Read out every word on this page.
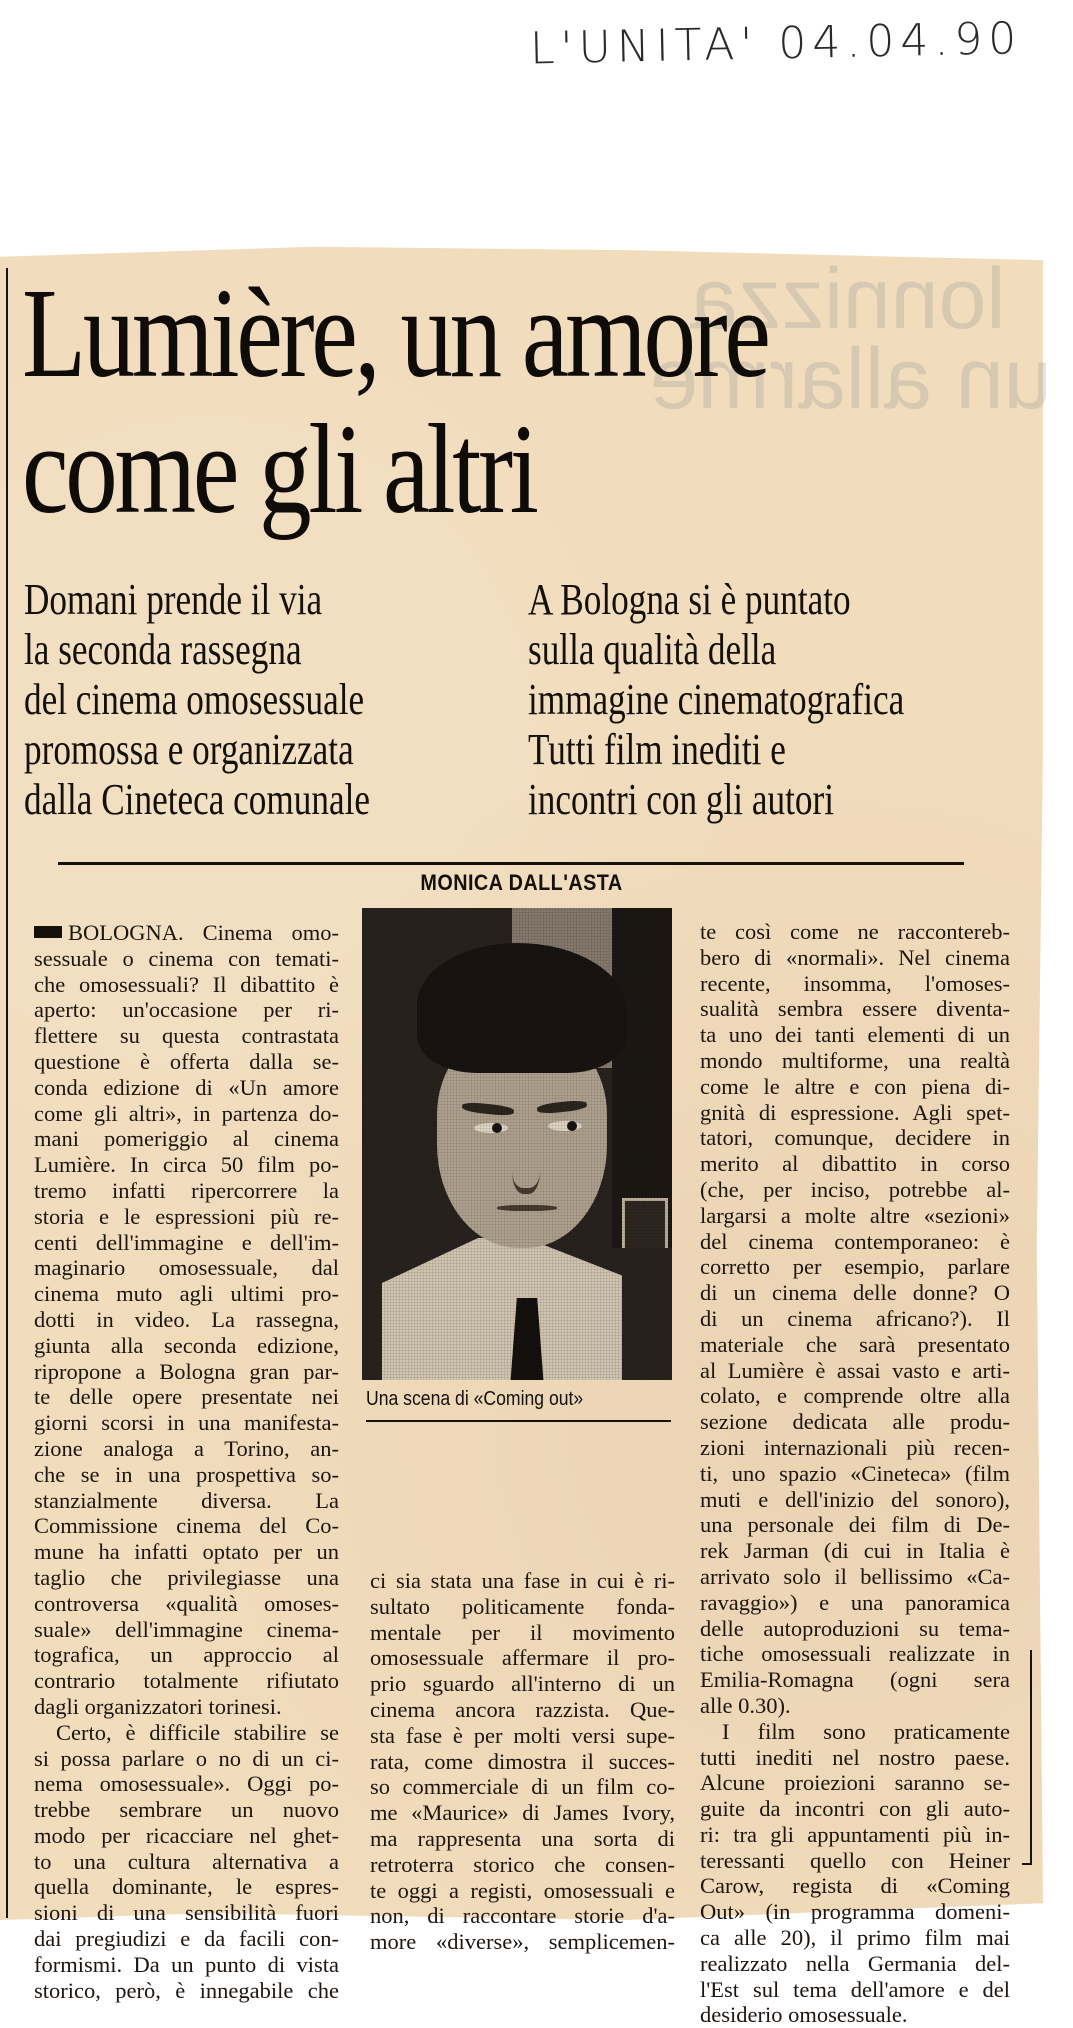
L'UNITA' 04.04.90
lonnizza
un allarme
Lumière, un amore
come gli altri
Domani prende il via
la seconda rassegna
del cinema omosessuale
promossa e organizzata
dalla Cineteca comunale
A Bologna si è puntato
sulla qualità della
immagine cinematografica
Tutti film inediti e
incontri con gli autori
MONICA DALL'ASTA
BOLOGNA. Cinema omo-
sessuale o cinema con temati-
che omosessuali? Il dibattito è
aperto: un'occasione per ri-
flettere su questa contrastata
questione è offerta dalla se-
conda edizione di «Un amore
come gli altri», in partenza do-
mani pomeriggio al cinema
Lumière. In circa 50 film po-
tremo infatti ripercorrere la
storia e le espressioni più re-
centi dell'immagine e dell'im-
maginario omosessuale, dal
cinema muto agli ultimi pro-
dotti in video. La rassegna,
giunta alla seconda edizione,
ripropone a Bologna gran par-
te delle opere presentate nei
giorni scorsi in una manifesta-
zione analoga a Torino, an-
che se in una prospettiva so-
stanzialmente diversa. La
Commissione cinema del Co-
mune ha infatti optato per un
taglio che privilegiasse una
controversa «qualità omoses-
suale» dell'immagine cinema-
tografica, un approccio al
contrario totalmente rifiutato
dagli organizzatori torinesi.
Certo, è difficile stabilire se
si possa parlare o no di un ci-
nema omosessuale». Oggi po-
trebbe sembrare un nuovo
modo per ricacciare nel ghet-
to una cultura alternativa a
quella dominante, le espres-
sioni di una sensibilità fuori
dai pregiudizi e da facili con-
formismi. Da un punto di vista
storico, però, è innegabile che
Una scena di «Coming out»
ci sia stata una fase in cui è ri-
sultato politicamente fonda-
mentale per il movimento
omosessuale affermare il pro-
prio sguardo all'interno di un
cinema ancora razzista. Que-
sta fase è per molti versi supe-
rata, come dimostra il succes-
so commerciale di un film co-
me «Maurice» di James Ivory,
ma rappresenta una sorta di
retroterra storico che consen-
te oggi a registi, omosessuali e
non, di raccontare storie d'a-
more «diverse», semplicemen-
te così come ne raccontereb-
bero di «normali». Nel cinema
recente, insomma, l'omoses-
sualità sembra essere diventa-
ta uno dei tanti elementi di un
mondo multiforme, una realtà
come le altre e con piena di-
gnità di espressione. Agli spet-
tatori, comunque, decidere in
merito al dibattito in corso
(che, per inciso, potrebbe al-
largarsi a molte altre «sezioni»
del cinema contemporaneo: è
corretto per esempio, parlare
di un cinema delle donne? O
di un cinema africano?). Il
materiale che sarà presentato
al Lumière è assai vasto e arti-
colato, e comprende oltre alla
sezione dedicata alle produ-
zioni internazionali più recen-
ti, uno spazio «Cineteca» (film
muti e dell'inizio del sonoro),
una personale dei film di De-
rek Jarman (di cui in Italia è
arrivato solo il bellissimo «Ca-
ravaggio») e una panoramica
delle autoproduzioni su tema-
tiche omosessuali realizzate in
Emilia-Romagna (ogni sera
alle 0.30).
I film sono praticamente
tutti inediti nel nostro paese.
Alcune proiezioni saranno se-
guite da incontri con gli auto-
ri: tra gli appuntamenti più in-
teressanti quello con Heiner
Carow, regista di «Coming
Out» (in programma domeni-
ca alle 20), il primo film mai
realizzato nella Germania del-
l'Est sul tema dell'amore e del
desiderio omosessuale.
